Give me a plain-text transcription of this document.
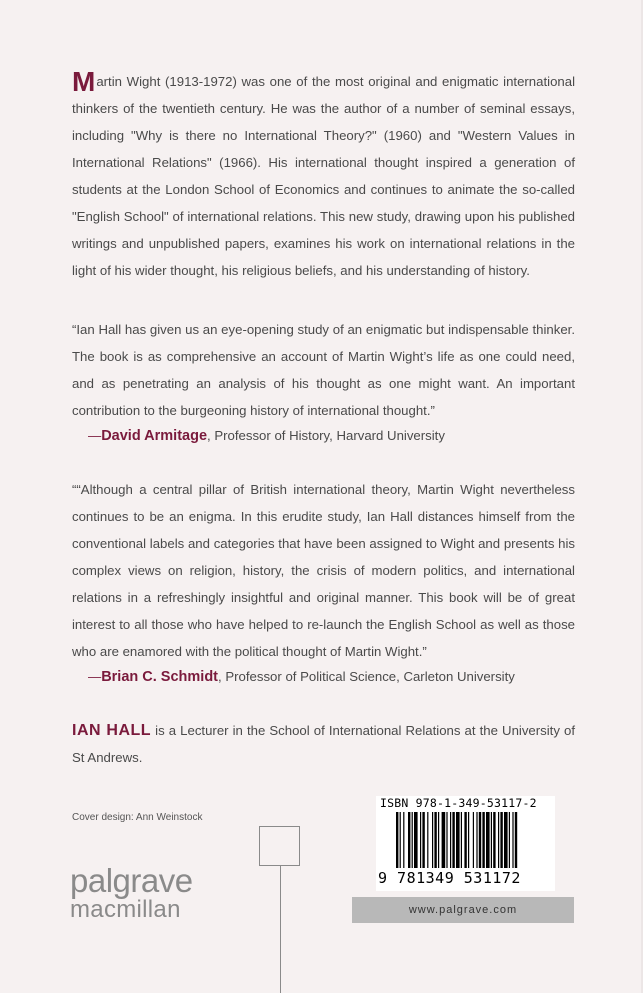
Martin Wight (1913-1972) was one of the most original and enigmatic international thinkers of the twentieth century. He was the author of a number of seminal essays, including "Why is there no International Theory?" (1960) and "Western Values in International Relations" (1966). His international thought inspired a generation of students at the London School of Economics and continues to animate the so-called "English School" of international relations. This new study, drawing upon his published writings and unpublished papers, examines his work on international relations in the light of his wider thought, his religious beliefs, and his understanding of history.

“Ian Hall has given us an eye-opening study of an enigmatic but indispensable thinker. The book is as comprehensive an account of Martin Wight’s life as one could need, and as penetrating an analysis of his thought as one might want. An important contribution to the burgeoning history of international thought.”

—David Armitage, Professor of History, Harvard University

““Although a central pillar of British international theory, Martin Wight nevertheless continues to be an enigma. In this erudite study, Ian Hall distances himself from the conventional labels and categories that have been assigned to Wight and presents his complex views on religion, history, the crisis of modern politics, and international relations in a refreshingly insightful and original manner. This book will be of great interest to all those who have helped to re-launch the English School as well as those who are enamored with the political thought of Martin Wight.”

—Brian C. Schmidt, Professor of Political Science, Carleton University

IAN HALL is a Lecturer in the School of International Relations at the University of St Andrews.

Cover design: Ann Weinstock
palgrave
macmillan
ISBN 978-1-349-53117-2
9 781349 531172
www.palgrave.com
